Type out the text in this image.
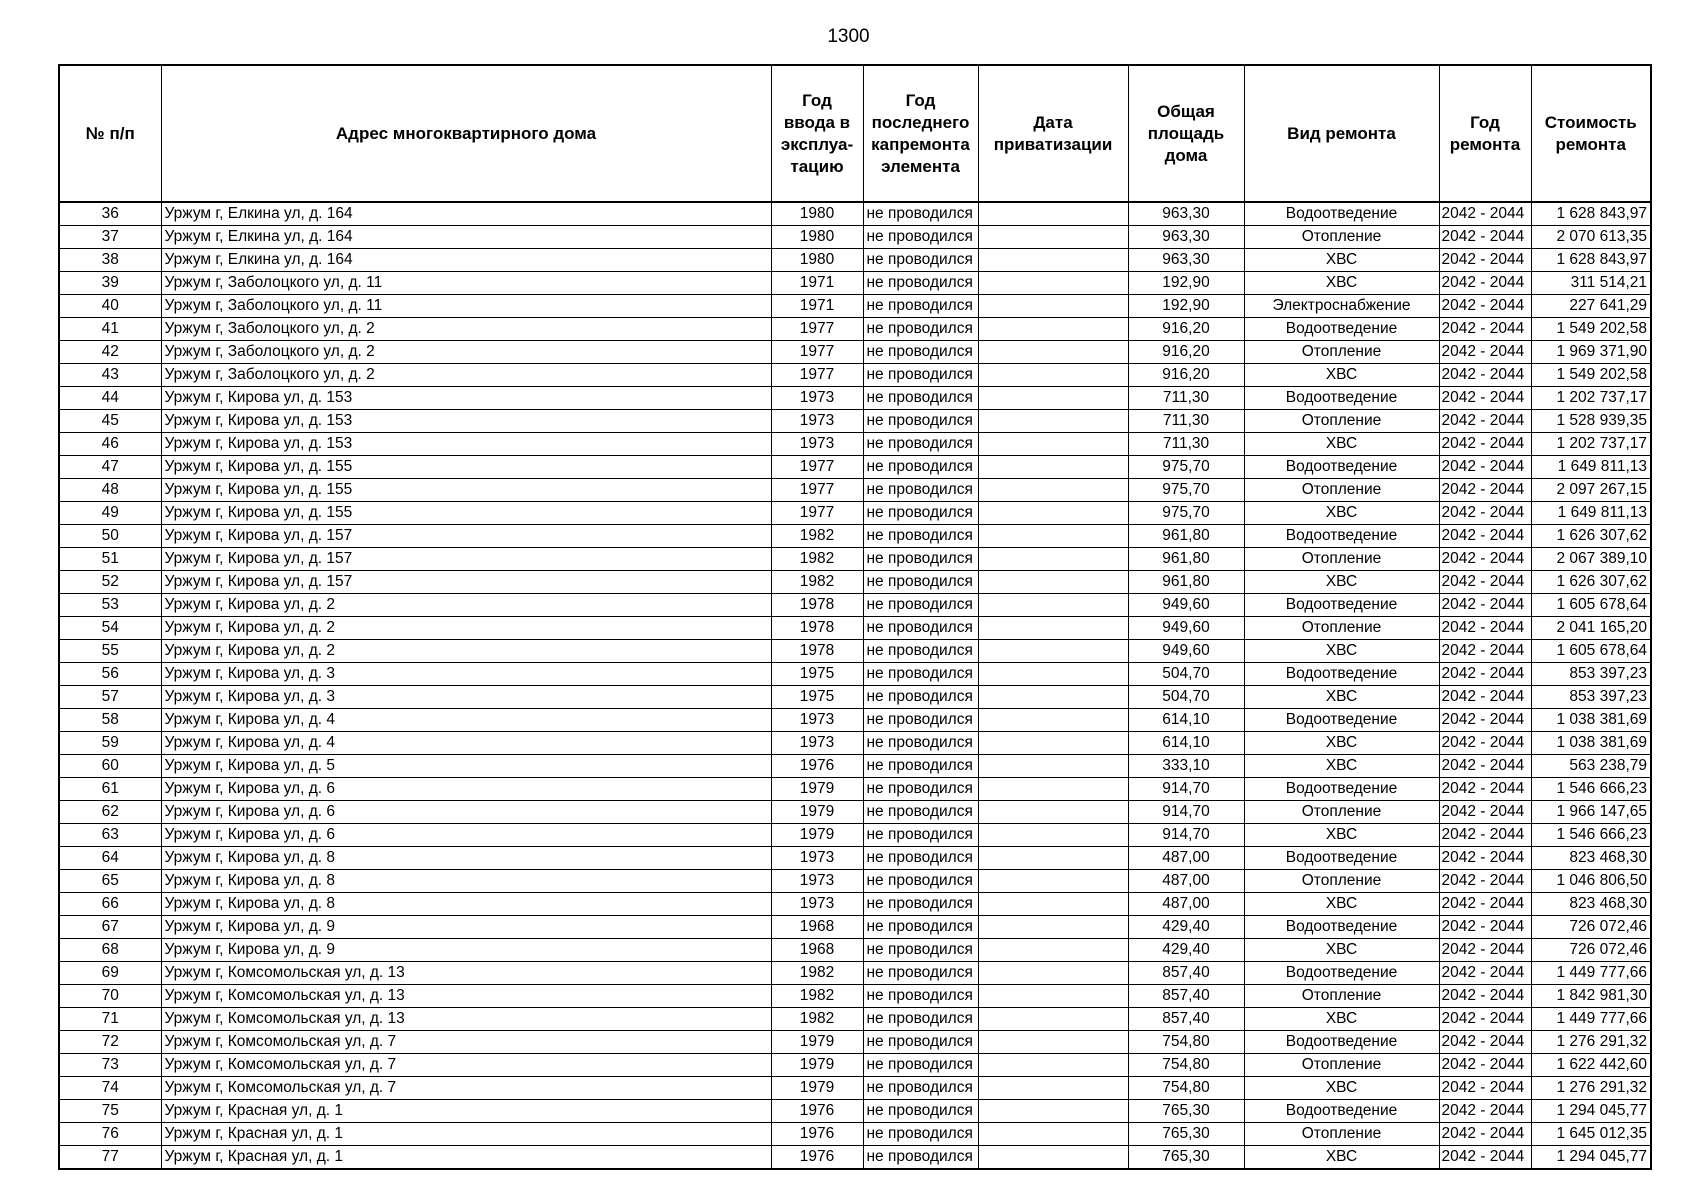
1300
№ п/п	Адрес многоквартирного дома	Год ввода в эксплуа-тацию	Год последнего капремонта элемента	Дата приватизации	Общая площадь дома	Вид ремонта	Год ремонта	Стоимость ремонта
36	Уржум г, Елкина ул, д. 164	1980	не проводился		963,30	Водоотведение	2042 - 2044	1 628 843,97
37	Уржум г, Елкина ул, д. 164	1980	не проводился		963,30	Отопление	2042 - 2044	2 070 613,35
38	Уржум г, Елкина ул, д. 164	1980	не проводился		963,30	ХВС	2042 - 2044	1 628 843,97
39	Уржум г, Заболоцкого ул, д. 11	1971	не проводился		192,90	ХВС	2042 - 2044	311 514,21
40	Уржум г, Заболоцкого ул, д. 11	1971	не проводился		192,90	Электроснабжение	2042 - 2044	227 641,29
41	Уржум г, Заболоцкого ул, д. 2	1977	не проводился		916,20	Водоотведение	2042 - 2044	1 549 202,58
42	Уржум г, Заболоцкого ул, д. 2	1977	не проводился		916,20	Отопление	2042 - 2044	1 969 371,90
43	Уржум г, Заболоцкого ул, д. 2	1977	не проводился		916,20	ХВС	2042 - 2044	1 549 202,58
44	Уржум г, Кирова ул, д. 153	1973	не проводился		711,30	Водоотведение	2042 - 2044	1 202 737,17
45	Уржум г, Кирова ул, д. 153	1973	не проводился		711,30	Отопление	2042 - 2044	1 528 939,35
46	Уржум г, Кирова ул, д. 153	1973	не проводился		711,30	ХВС	2042 - 2044	1 202 737,17
47	Уржум г, Кирова ул, д. 155	1977	не проводился		975,70	Водоотведение	2042 - 2044	1 649 811,13
48	Уржум г, Кирова ул, д. 155	1977	не проводился		975,70	Отопление	2042 - 2044	2 097 267,15
49	Уржум г, Кирова ул, д. 155	1977	не проводился		975,70	ХВС	2042 - 2044	1 649 811,13
50	Уржум г, Кирова ул, д. 157	1982	не проводился		961,80	Водоотведение	2042 - 2044	1 626 307,62
51	Уржум г, Кирова ул, д. 157	1982	не проводился		961,80	Отопление	2042 - 2044	2 067 389,10
52	Уржум г, Кирова ул, д. 157	1982	не проводился		961,80	ХВС	2042 - 2044	1 626 307,62
53	Уржум г, Кирова ул, д. 2	1978	не проводился		949,60	Водоотведение	2042 - 2044	1 605 678,64
54	Уржум г, Кирова ул, д. 2	1978	не проводился		949,60	Отопление	2042 - 2044	2 041 165,20
55	Уржум г, Кирова ул, д. 2	1978	не проводился		949,60	ХВС	2042 - 2044	1 605 678,64
56	Уржум г, Кирова ул, д. 3	1975	не проводился		504,70	Водоотведение	2042 - 2044	853 397,23
57	Уржум г, Кирова ул, д. 3	1975	не проводился		504,70	ХВС	2042 - 2044	853 397,23
58	Уржум г, Кирова ул, д. 4	1973	не проводился		614,10	Водоотведение	2042 - 2044	1 038 381,69
59	Уржум г, Кирова ул, д. 4	1973	не проводился		614,10	ХВС	2042 - 2044	1 038 381,69
60	Уржум г, Кирова ул, д. 5	1976	не проводился		333,10	ХВС	2042 - 2044	563 238,79
61	Уржум г, Кирова ул, д. 6	1979	не проводился		914,70	Водоотведение	2042 - 2044	1 546 666,23
62	Уржум г, Кирова ул, д. 6	1979	не проводился		914,70	Отопление	2042 - 2044	1 966 147,65
63	Уржум г, Кирова ул, д. 6	1979	не проводился		914,70	ХВС	2042 - 2044	1 546 666,23
64	Уржум г, Кирова ул, д. 8	1973	не проводился		487,00	Водоотведение	2042 - 2044	823 468,30
65	Уржум г, Кирова ул, д. 8	1973	не проводился		487,00	Отопление	2042 - 2044	1 046 806,50
66	Уржум г, Кирова ул, д. 8	1973	не проводился		487,00	ХВС	2042 - 2044	823 468,30
67	Уржум г, Кирова ул, д. 9	1968	не проводился		429,40	Водоотведение	2042 - 2044	726 072,46
68	Уржум г, Кирова ул, д. 9	1968	не проводился		429,40	ХВС	2042 - 2044	726 072,46
69	Уржум г, Комсомольская ул, д. 13	1982	не проводился		857,40	Водоотведение	2042 - 2044	1 449 777,66
70	Уржум г, Комсомольская ул, д. 13	1982	не проводился		857,40	Отопление	2042 - 2044	1 842 981,30
71	Уржум г, Комсомольская ул, д. 13	1982	не проводился		857,40	ХВС	2042 - 2044	1 449 777,66
72	Уржум г, Комсомольская ул, д. 7	1979	не проводился		754,80	Водоотведение	2042 - 2044	1 276 291,32
73	Уржум г, Комсомольская ул, д. 7	1979	не проводился		754,80	Отопление	2042 - 2044	1 622 442,60
74	Уржум г, Комсомольская ул, д. 7	1979	не проводился		754,80	ХВС	2042 - 2044	1 276 291,32
75	Уржум г, Красная ул, д. 1	1976	не проводился		765,30	Водоотведение	2042 - 2044	1 294 045,77
76	Уржум г, Красная ул, д. 1	1976	не проводился		765,30	Отопление	2042 - 2044	1 645 012,35
77	Уржум г, Красная ул, д. 1	1976	не проводился		765,30	ХВС	2042 - 2044	1 294 045,77
